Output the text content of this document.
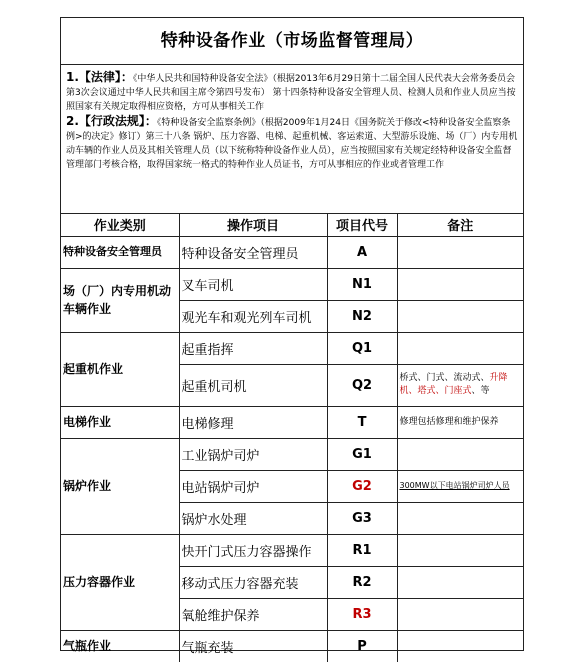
特种设备作业（市场监督管理局）

1.【法律】：《中华人民共和国特种设备安全法》（根据2013年6月29日第十二届全国人民代表大会常务委员会第3次会议通过中华人民共和国主席令第四号发布） 第十四条特种设备安全管理人员、检测人员和作业人员应当按照国家有关规定取得相应资格，方可从事相关工作

2.【行政法规】：《特种设备安全监察条例》（根据2009年1月24日《国务院关于修改<特种设备安全监察条例>的决定》修订）第三十八条 锅炉、压力容器、电梯、起重机械、客运索道、大型游乐设施、场（厂）内专用机动车辆的作业人员及其相关管理人员（以下统称特种设备作业人员），应当按照国家有关规定经特种设备安全监督管理部门考核合格，取得国家统一格式的特种作业人员证书，方可从事相应的作业或者管理工作

作业类别	操作项目	项目代号	备注
特种设备安全管理员	特种设备安全管理员	A	
场（厂）内专用机动车辆作业	叉车司机	N1	
	观光车和观光列车司机	N2	
起重机作业	起重指挥	Q1	
	起重机司机	Q2	桥式、门式、流动式、升降机、塔式、门座式、等
电梯作业	电梯修理	T	修理包括修理和维护保养
锅炉作业	工业锅炉司炉	G1	
	电站锅炉司炉	G2	300MW以下电站锅炉司炉人员
	锅炉水处理	G3	
压力容器作业	快开门式压力容器操作	R1	
	移动式压力容器充装	R2	
	氧舱维护保养	R3	
气瓶作业	气瓶充装	P	
